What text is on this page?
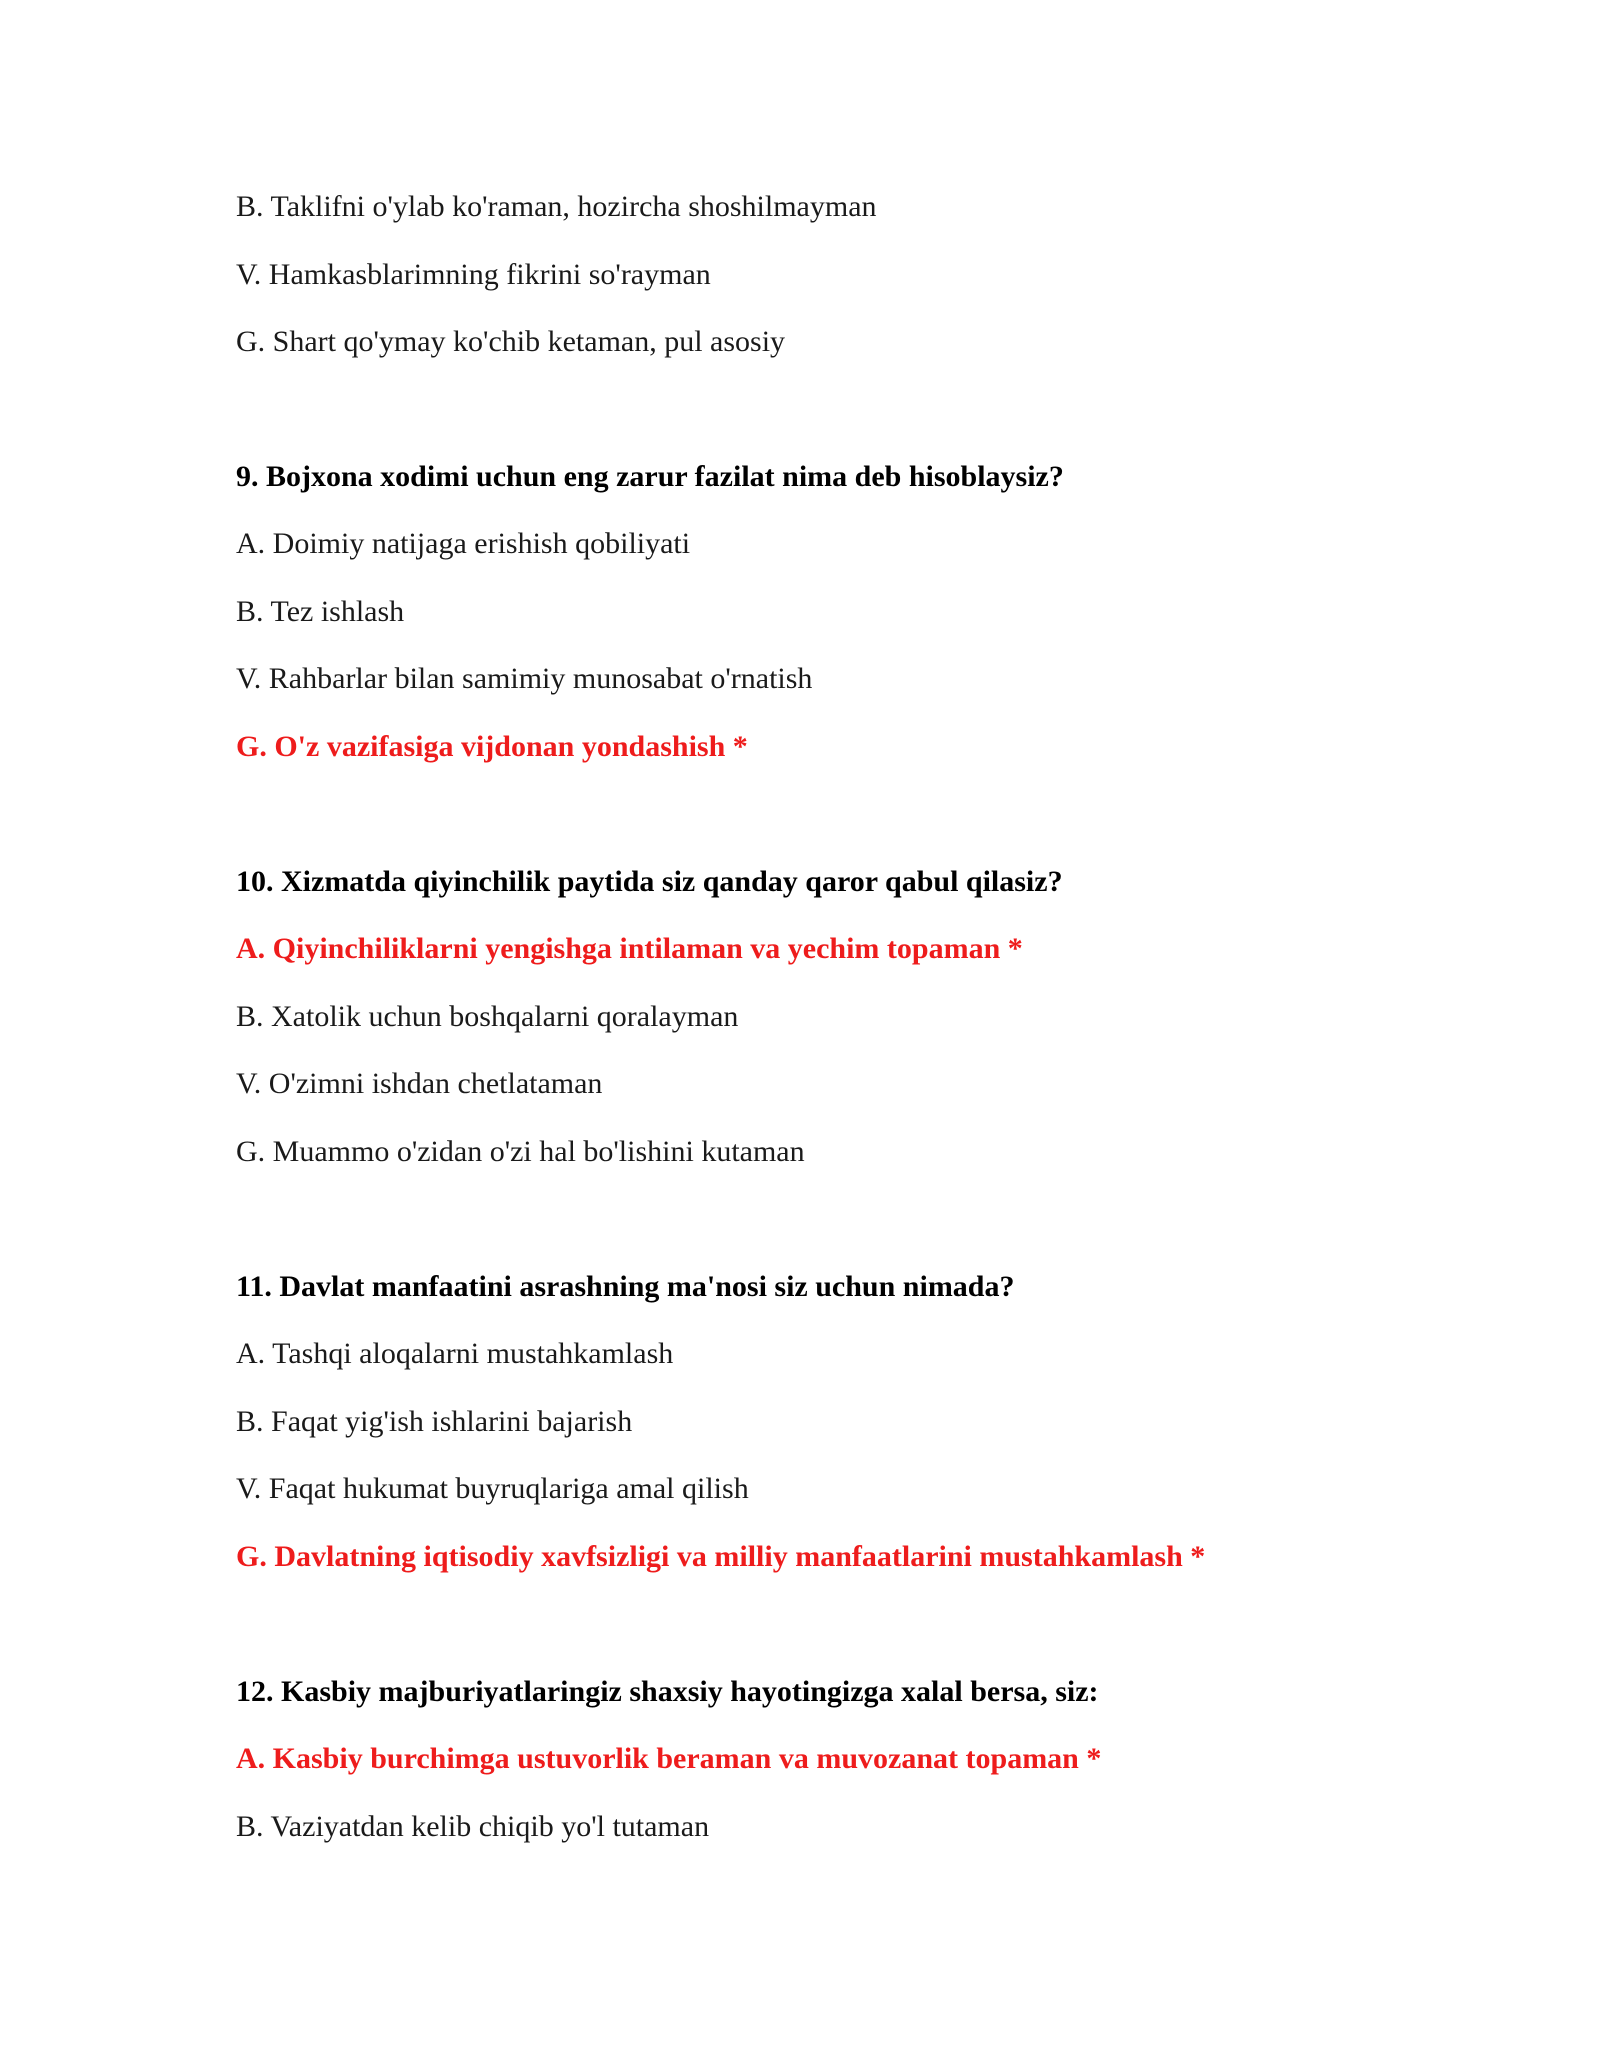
B. Taklifni o'ylab ko'raman, hozircha shoshilmayman
V. Hamkasblarimning fikrini so'rayman
G. Shart qo'ymay ko'chib ketaman, pul asosiy
9. Bojxona xodimi uchun eng zarur fazilat nima deb hisoblaysiz?
A. Doimiy natijaga erishish qobiliyati
B. Tez ishlash
V. Rahbarlar bilan samimiy munosabat o'rnatish
G. O'z vazifasiga vijdonan yondashish *
10. Xizmatda qiyinchilik paytida siz qanday qaror qabul qilasiz?
A. Qiyinchiliklarni yengishga intilaman va yechim topaman *
B. Xatolik uchun boshqalarni qoralayman
V. O'zimni ishdan chetlataman
G. Muammo o'zidan o'zi hal bo'lishini kutaman
11. Davlat manfaatini asrashning ma'nosi siz uchun nimada?
A. Tashqi aloqalarni mustahkamlash
B. Faqat yig'ish ishlarini bajarish
V. Faqat hukumat buyruqlariga amal qilish
G. Davlatning iqtisodiy xavfsizligi va milliy manfaatlarini mustahkamlash *
12. Kasbiy majburiyatlaringiz shaxsiy hayotingizga xalal bersa, siz:
A. Kasbiy burchimga ustuvorlik beraman va muvozanat topaman *
B. Vaziyatdan kelib chiqib yo'l tutaman
